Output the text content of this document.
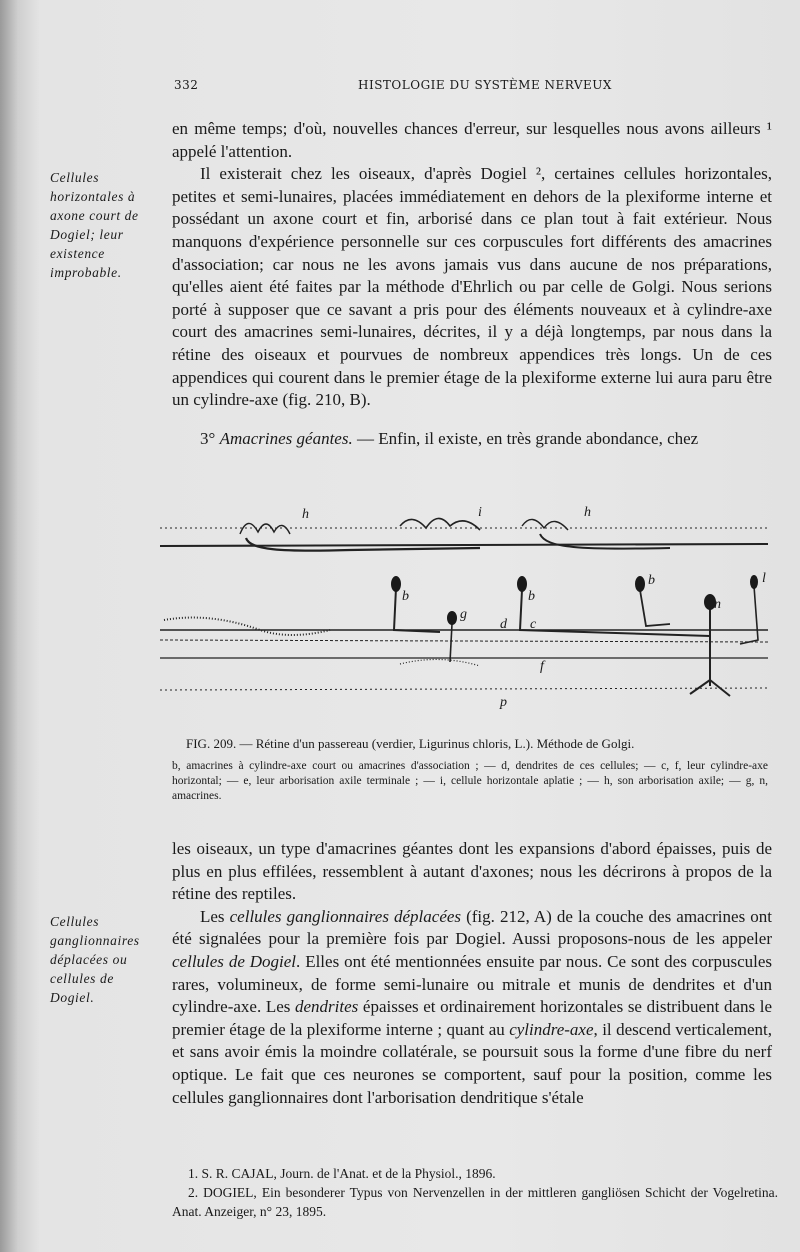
332	HISTOLOGIE DU SYSTÈME NERVEUX
Cellules horizontales à axone court de Dogiel; leur existence improbable.

en même temps; d'où, nouvelles chances d'erreur, sur lesquelles nous avons ailleurs ¹ appelé l'attention.

Il existerait chez les oiseaux, d'après Dogiel ², certaines cellules horizontales, petites et semi-lunaires, placées immédiatement en dehors de la plexiforme interne et possédant un axone court et fin, arborisé dans ce plan tout à fait extérieur. Nous manquons d'expérience personnelle sur ces corpuscules fort différents des amacrines d'association; car nous ne les avons jamais vus dans aucune de nos préparations, qu'elles aient été faites par la méthode d'Ehrlich ou par celle de Golgi. Nous serions porté à supposer que ce savant a pris pour des éléments nouveaux et à cylindre-axe court des amacrines semi-lunaires, décrites, il y a déjà longtemps, par nous dans la rétine des oiseaux et pourvues de nombreux appendices très longs. Un de ces appendices qui courent dans le premier étage de la plexiforme externe lui aura paru être un cylindre-axe (fig. 210, B).

3° Amacrines géantes. — Enfin, il existe, en très grande abondance, chez

h	i	h
b	b
g
d c
f
b
n
l
p
FIG. 209. — Rétine d'un passereau (verdier, Ligurinus chloris, L.). Méthode de Golgi.
b, amacrines à cylindre-axe court ou amacrines d'association ; — d, dendrites de ces cellules; — c, f, leur cylindre-axe horizontal; — e, leur arborisation axile terminale ; — i, cellule horizontale aplatie ; — h, son arborisation axile; — g, n, amacrines.
Cellules ganglionnaires déplacées ou cellules de Dogiel.

les oiseaux, un type d'amacrines géantes dont les expansions d'abord épaisses, puis de plus en plus effilées, ressemblent à autant d'axones; nous les décrirons à propos de la rétine des reptiles.

Les cellules ganglionnaires déplacées (fig. 212, A) de la couche des amacrines ont été signalées pour la première fois par Dogiel. Aussi proposons-nous de les appeler cellules de Dogiel. Elles ont été mentionnées ensuite par nous. Ce sont des corpuscules rares, volumineux, de forme semi-lunaire ou mitrale et munis de dendrites et d'un cylindre-axe. Les dendrites épaisses et ordinairement horizontales se distribuent dans le premier étage de la plexiforme interne ; quant au cylindre-axe, il descend verticalement, et sans avoir émis la moindre collatérale, se poursuit sous la forme d'une fibre du nerf optique. Le fait que ces neurones se comportent, sauf pour la position, comme les cellules ganglionnaires dont l'arborisation dendritique s'étale

1. S. R. CAJAL, Journ. de l'Anat. et de la Physiol., 1896.
2. DOGIEL, Ein besonderer Typus von Nervenzellen in der mittleren gangliösen Schicht der Vogelretina. Anat. Anzeiger, n° 23, 1895.
